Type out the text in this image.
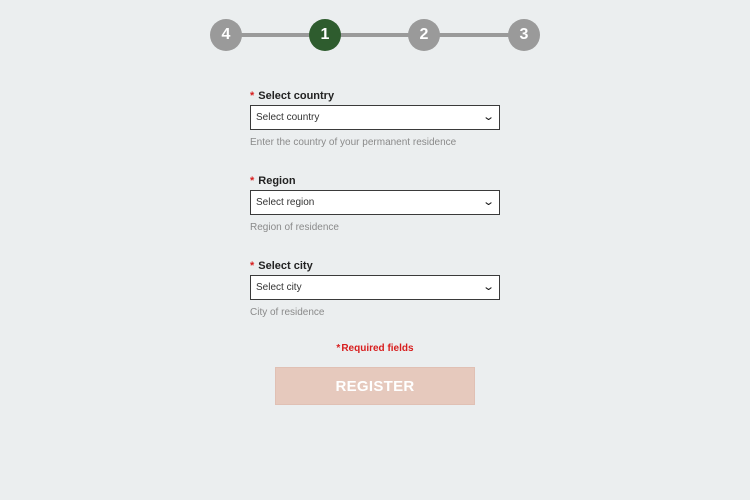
1	2	3
4
* Select country
Select country	⌄
Enter the country of your permanent residence
* Region
Select region	⌄
Region of residence
* Select city
Select city	⌄
City of residence
*Required fields
REGISTER
